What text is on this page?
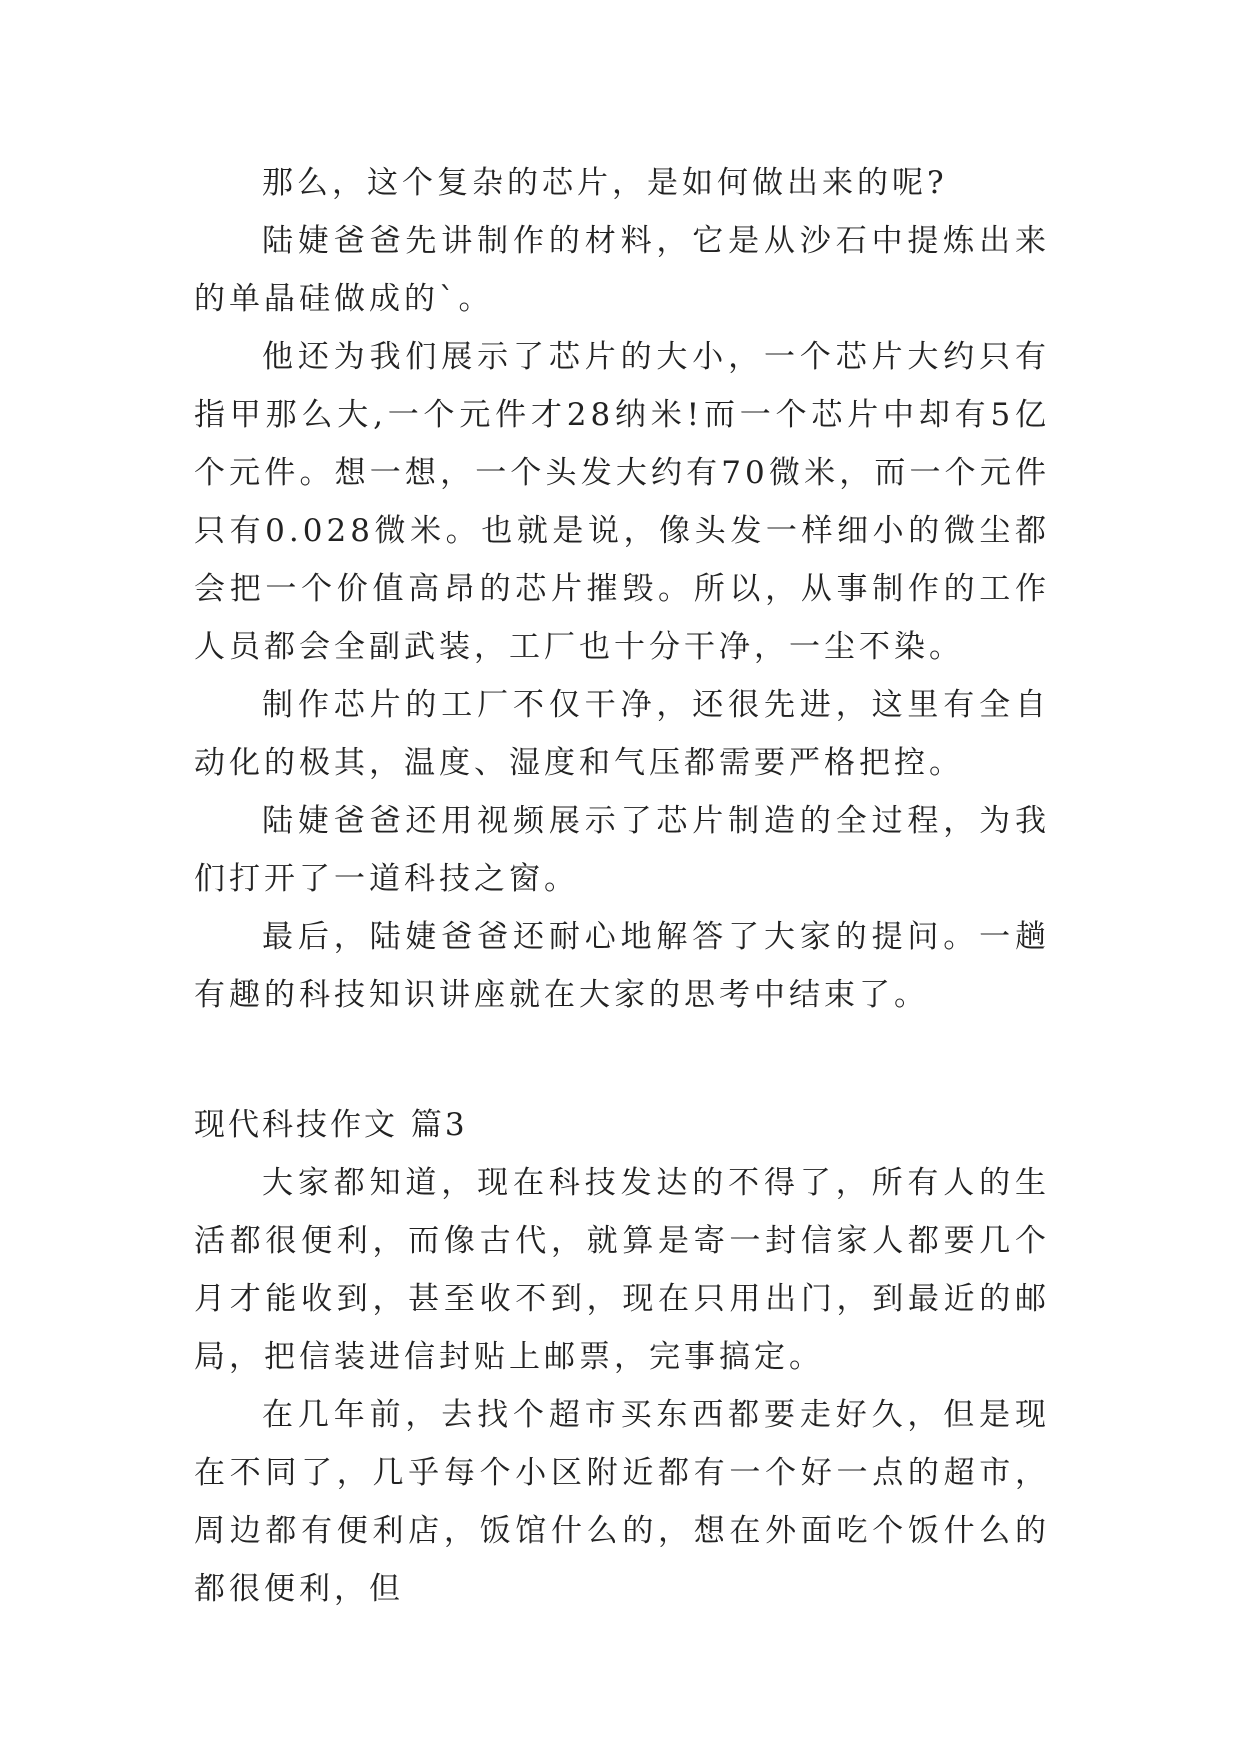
那么，这个复杂的芯片，是如何做出来的呢?

陆婕爸爸先讲制作的材料，它是从沙石中提炼出来的单晶硅做成的`。

他还为我们展示了芯片的大小，一个芯片大约只有指甲那么大,一个元件才28纳米!而一个芯片中却有5亿个元件。想一想，一个头发大约有70微米，而一个元件只有0.028微米。也就是说，像头发一样细小的微尘都会把一个价值高昂的芯片摧毁。所以，从事制作的工作人员都会全副武装，工厂也十分干净，一尘不染。

制作芯片的工厂不仅干净，还很先进，这里有全自动化的极其，温度、湿度和气压都需要严格把控。

陆婕爸爸还用视频展示了芯片制造的全过程，为我们打开了一道科技之窗。

最后，陆婕爸爸还耐心地解答了大家的提问。一趟有趣的科技知识讲座就在大家的思考中结束了。

现代科技作文 篇3

大家都知道，现在科技发达的不得了，所有人的生活都很便利，而像古代，就算是寄一封信家人都要几个月才能收到，甚至收不到，现在只用出门，到最近的邮局，把信装进信封贴上邮票，完事搞定。

在几年前，去找个超市买东西都要走好久，但是现在不同了，几乎每个小区附近都有一个好一点的超市，周边都有便利店，饭馆什么的，想在外面吃个饭什么的都很便利，但
